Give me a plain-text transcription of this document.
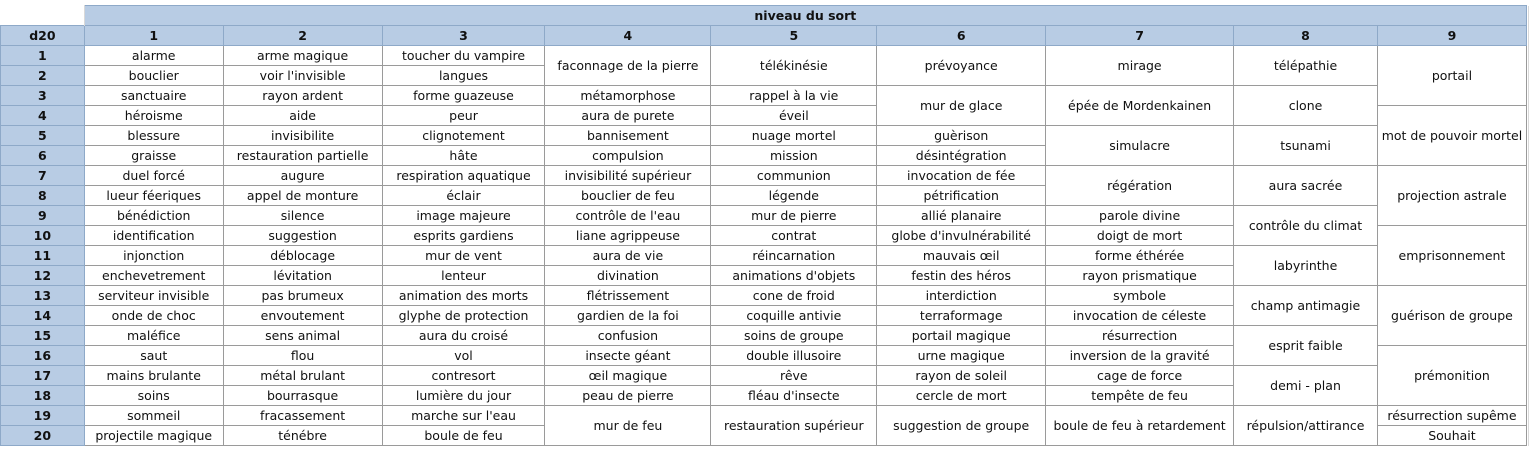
	niveau du sort									
d20	1	2	3	4	5	6	7	8	9	
1	alarme	arme magique	toucher du vampire	faconnage de la pierre	télékinésie	prévoyance	mirage	télépathie	portail	
2	bouclier	voir l'invisible	langues							
3	sanctuaire	rayon ardent	forme guazeuse	métamorphose	rappel à la vie	mur de glace	épée de Mordenkainen	clone		
4	héroisme	aide	peur	aura de purete	éveil				mot de pouvoir mortel	
5	blessure	invisibilite	clignotement	bannisement	nuage mortel	guèrison	simulacre	tsunami		
6	graisse	restauration partielle	hâte	compulsion	mission	désintégration				
7	duel forcé	augure	respiration aquatique	invisibilité supérieur	communion	invocation de fée	régération	aura sacrée	projection astrale	
8	lueur féeriques	appel de monture	éclair	bouclier de feu	légende	pétrification				
9	bénédiction	silence	image majeure	contrôle de l'eau	mur de pierre	allié planaire	parole divine	contrôle du climat		
10	identification	suggestion	esprits gardiens	liane agrippeuse	contrat	globe d'invulnérabilité	doigt de mort		emprisonnement	
11	injonction	déblocage	mur de vent	aura de vie	réincarnation	mauvais œil	forme éthérée	labyrinthe		
12	enchevetrement	lévitation	lenteur	divination	animations d'objets	festin des héros	rayon prismatique			
13	serviteur invisible	pas brumeux	animation des morts	flétrissement	cone de froid	interdiction	symbole	champ antimagie	guérison de groupe	
14	onde de choc	envoutement	glyphe de protection	gardien de la foi	coquille antivie	terraformage	invocation de céleste			
15	maléfice	sens animal	aura du croisé	confusion	soins de groupe	portail magique	résurrection	esprit faible		
16	saut	flou	vol	insecte géant	double illusoire	urne magique	inversion de la gravité		prémonition	
17	mains brulante	métal brulant	contresort	œil magique	rêve	rayon de soleil	cage de force	demi - plan		
18	soins	bourrasque	lumière du jour	peau de pierre	fléau d'insecte	cercle de mort	tempête de feu			
19	sommeil	fracassement	marche sur l'eau	mur de feu	restauration supérieur	suggestion de groupe	boule de feu à retardement	répulsion/attirance	résurrection supême	
20	projectile magique	ténébre	boule de feu						Souhait	
